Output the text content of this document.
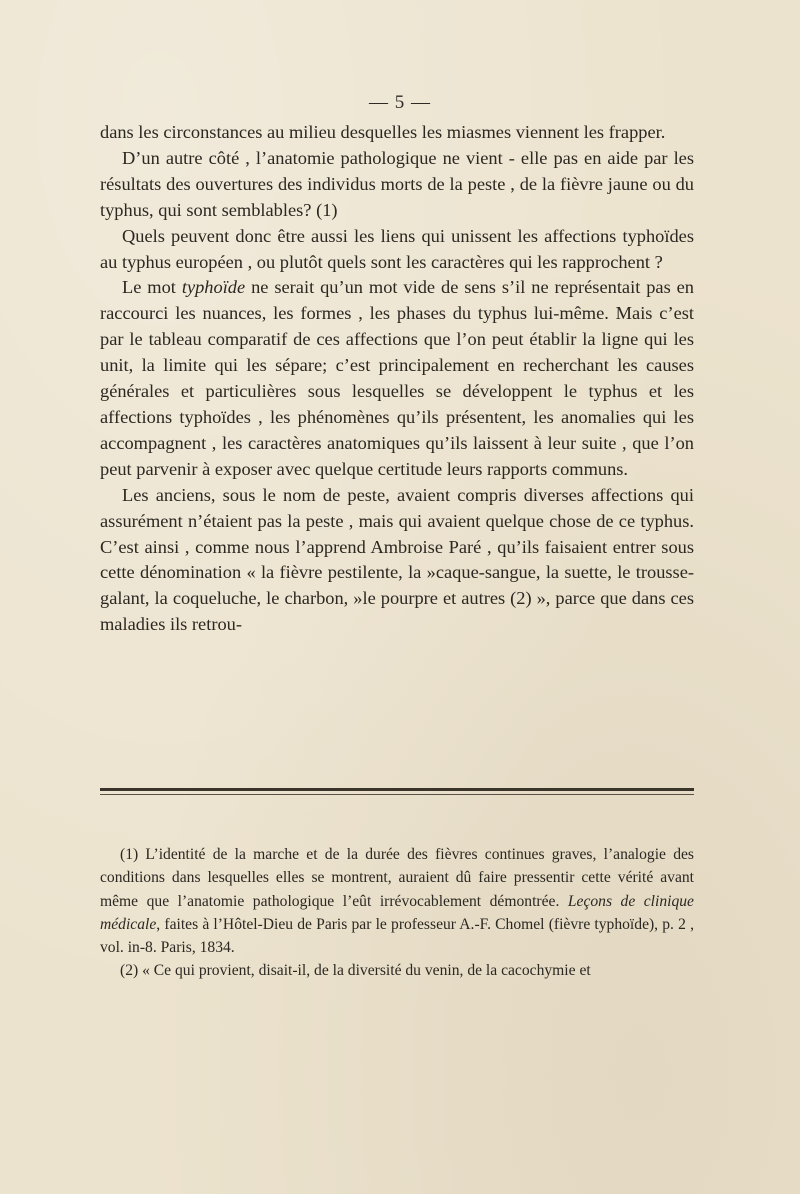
— 5 —

dans les circonstances au milieu desquelles les miasmes viennent les frapper.

D’un autre côté , l’anatomie pathologique ne vient - elle pas en aide par les résultats des ouvertures des individus morts de la peste , de la fièvre jaune ou du typhus, qui sont semblables? (1)

Quels peuvent donc être aussi les liens qui unissent les affections typhoïdes au typhus européen , ou plutôt quels sont les caractères qui les rapprochent ?

Le mot typhoïde ne serait qu’un mot vide de sens s’il ne représentait pas en raccourci les nuances, les formes , les phases du typhus lui-même. Mais c’est par le tableau comparatif de ces affections que l’on peut établir la ligne qui les unit, la limite qui les sépare; c’est principalement en recherchant les causes générales et particulières sous lesquelles se développent le typhus et les affections typhoïdes , les phénomènes qu’ils présentent, les anomalies qui les accompagnent , les caractères anatomiques qu’ils laissent à leur suite , que l’on peut parvenir à exposer avec quelque certitude leurs rapports communs.

Les anciens, sous le nom de peste, avaient compris diverses affections qui assurément n’étaient pas la peste , mais qui avaient quelque chose de ce typhus. C’est ainsi , comme nous l’apprend Ambroise Paré , qu’ils faisaient entrer sous cette dénomination « la fièvre pestilente, la »caque-sangue, la suette, le trousse-galant, la coqueluche, le charbon, »le pourpre et autres (2) », parce que dans ces maladies ils retrou-

(1) L’identité de la marche et de la durée des fièvres continues graves, l’analogie des conditions dans lesquelles elles se montrent, auraient dû faire pressentir cette vérité avant même que l’anatomie pathologique l’eût irrévocablement démontrée. Leçons de clinique médicale, faites à l’Hôtel-Dieu de Paris par le professeur A.-F. Chomel (fièvre typhoïde), p. 2 , vol. in-8. Paris, 1834.

(2) « Ce qui provient, disait-il, de la diversité du venin, de la cacochymie et
